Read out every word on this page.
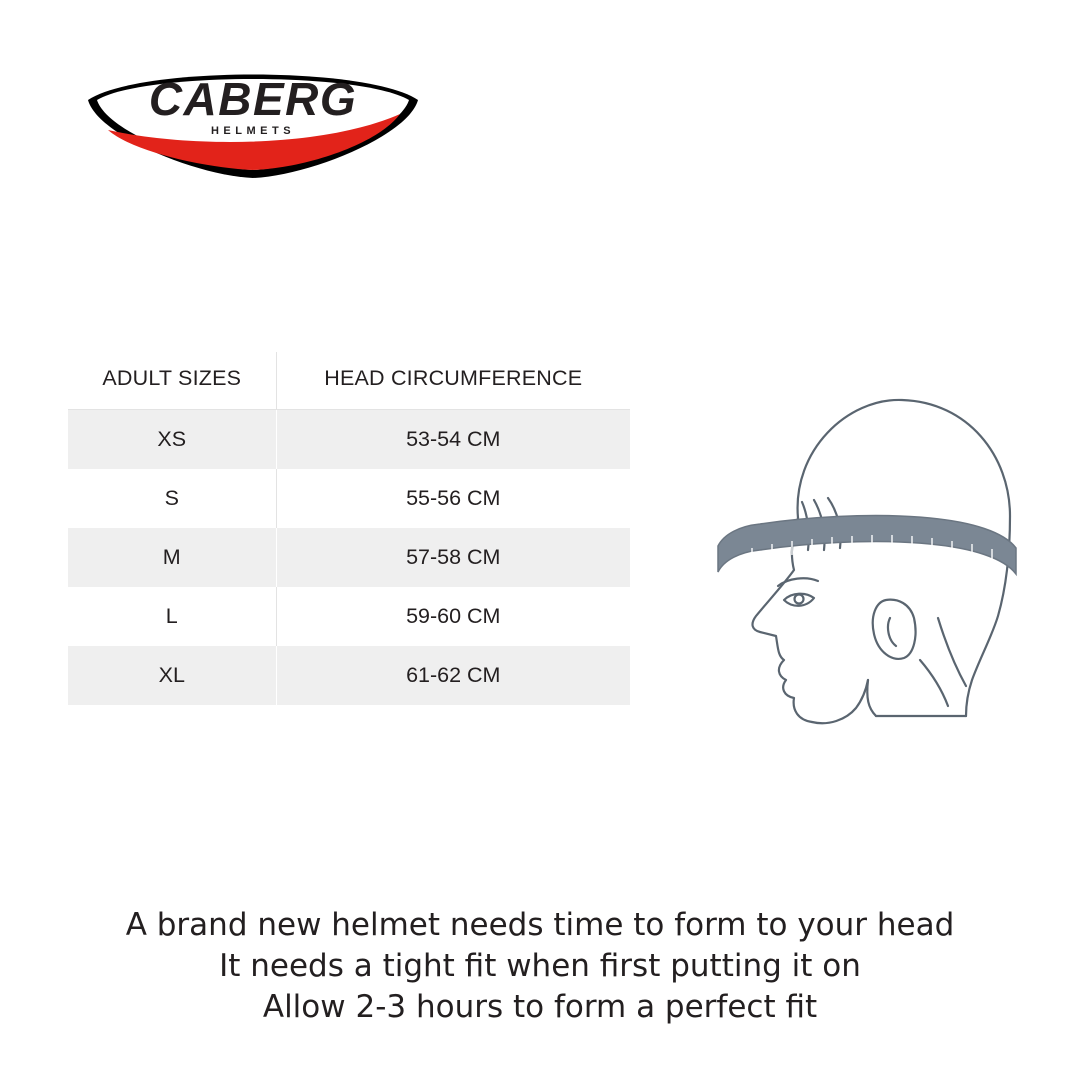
CABERG
HELMETS
ADULT SIZES	HEAD CIRCUMFERENCE
XS	53-54 CM
S	55-56 CM
M	57-58 CM
L	59-60 CM
XL	61-62 CM
A brand new helmet needs time to form to your head
It needs a tight fit when first putting it on
Allow 2-3 hours to form a perfect fit
